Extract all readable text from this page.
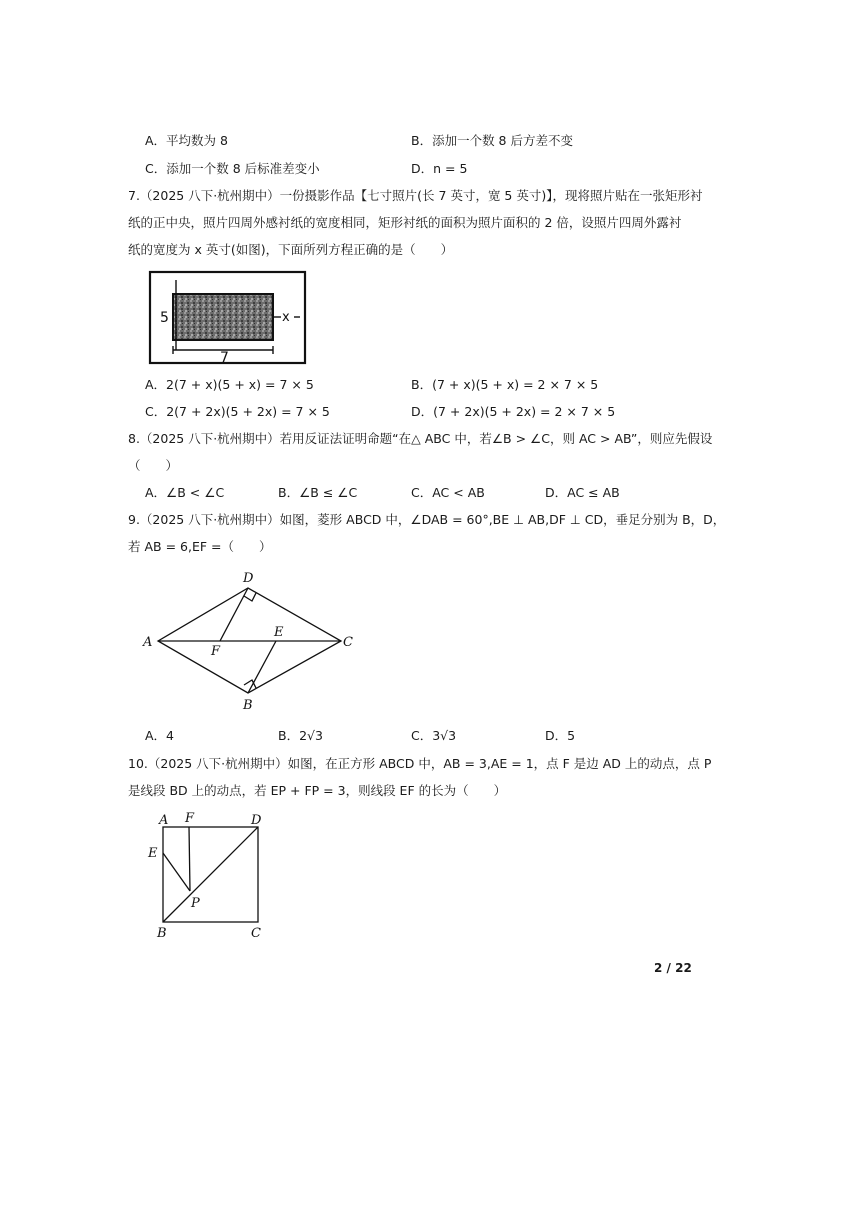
A．平均数为 8	B．添加一个数 8 后方差不变
C．添加一个数 8 后标准差变小	D．n = 5
7.（2025 八下·杭州期中）一份摄影作品【七寸照片(长 7 英寸，宽 5 英寸)】，现将照片贴在一张矩形衬
纸的正中央，照片四周外感衬纸的宽度相同，矩形衬纸的面积为照片面积的 2 倍，设照片四周外露衬
纸的宽度为 x 英寸(如图)，下面所列方程正确的是（　　）
5	x
7
A．2(7 + x)(5 + x) = 7 × 5	B．(7 + x)(5 + x) = 2 × 7 × 5
C．2(7 + 2x)(5 + 2x) = 7 × 5	D．(7 + 2x)(5 + 2x) = 2 × 7 × 5
8.（2025 八下·杭州期中）若用反证法证明命题“在△ ABC 中，若∠B > ∠C，则 AC > AB”，则应先假设
（　　）
A．∠B < ∠C	B．∠B ≤ ∠C	C．AC < AB	D．AC ≤ AB
9.（2025 八下·杭州期中）如图，菱形 ABCD 中，∠DAB = 60°,BE ⊥ AB,DF ⊥ CD，垂足分别为 B，D，
若 AB = 6,EF =（　　）
A
D
C
B
E
F
A．4	B．2√3	C．3√3	D．5
10.（2025 八下·杭州期中）如图，在正方形 ABCD 中，AB = 3,AE = 1，点 F 是边 AD 上的动点，点 P
是线段 BD 上的动点，若 EP + FP = 3，则线段 EF 的长为（　　）
A F	D
E
P
B	C
2 / 22
